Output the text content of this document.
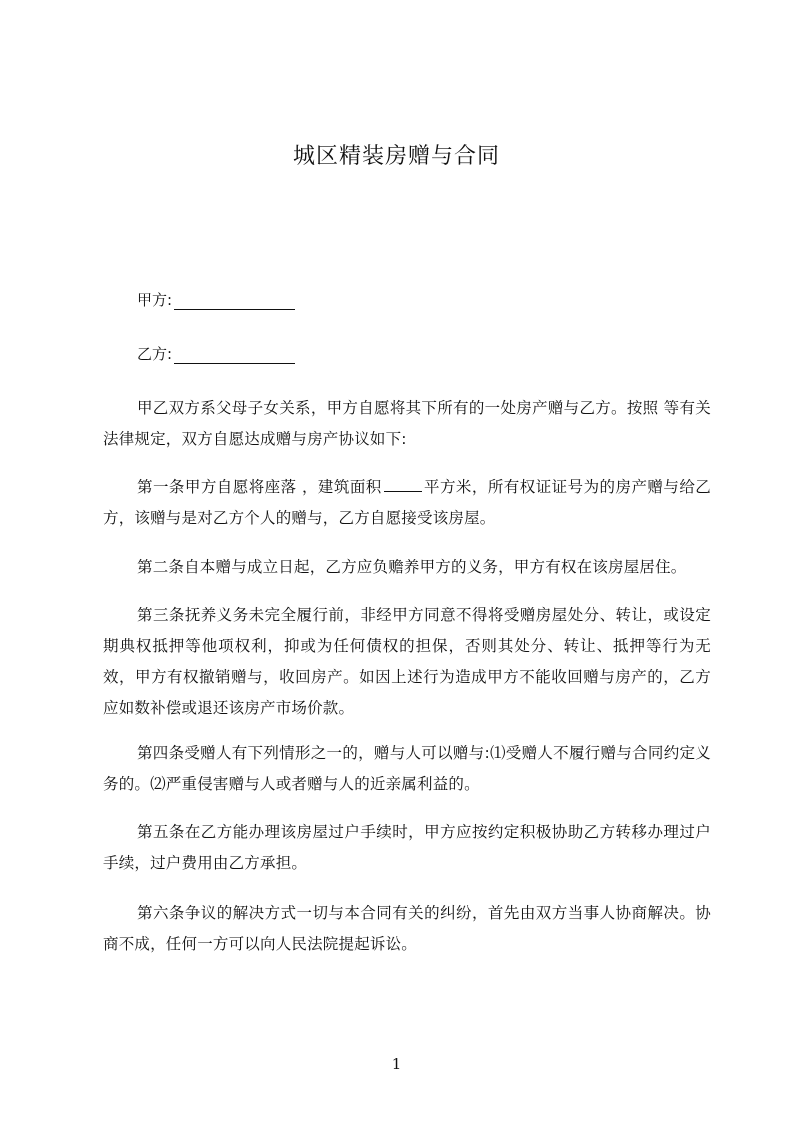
城区精装房赠与合同
甲方:
乙方:

甲乙双方系父母子女关系，甲方自愿将其下所有的一处房产赠与乙方。按照 等有关法律规定，双方自愿达成赠与房产协议如下:

第一条甲方自愿将座落 ，建筑面积	平方米，所有权证证号为的房产赠与给乙方，该赠与是对乙方个人的赠与，乙方自愿接受该房屋。

第二条自本赠与成立日起，乙方应负赡养甲方的义务，甲方有权在该房屋居住。

第三条抚养义务未完全履行前，非经甲方同意不得将受赠房屋处分、转让，或设定期典权抵押等他项权利，抑或为任何债权的担保，否则其处分、转让、抵押等行为无效，甲方有权撤销赠与，收回房产。如因上述行为造成甲方不能收回赠与房产的，乙方应如数补偿或退还该房产市场价款。

第四条受赠人有下列情形之一的，赠与人可以赠与:⑴受赠人不履行赠与合同约定义务的。⑵严重侵害赠与人或者赠与人的近亲属利益的。

第五条在乙方能办理该房屋过户手续时，甲方应按约定积极协助乙方转移办理过户手续，过户费用由乙方承担。

第六条争议的解决方式一切与本合同有关的纠纷，首先由双方当事人协商解决。协商不成，任何一方可以向人民法院提起诉讼。

1
